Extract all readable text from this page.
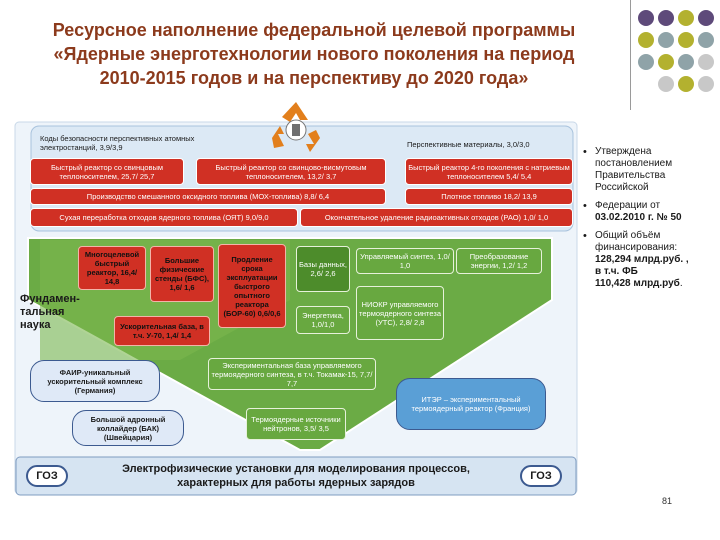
Ресурсное наполнение федеральной целевой программы
«Ядерные энерготехнологии нового поколения на период
2010-2015 годов и на перспективу до 2020 года»
Коды безопасности перспективных атомных электростанций, 3,9/3,9	Перспективные материалы, 3,0/3,0
Быстрый реактор со свинцовым теплоносителем, 25,7/ 25,7
Быстрый реактор со свинцово-висмутовым теплоносителем, 13,2/ 3,7
Быстрый реактор 4-го поколения с натриевым теплоносителем 5,4/ 5,4
Производство смешанного оксидного топлива (МОХ-топлива) 8,8/ 6,4	Плотное топливо 18,2/ 13,9
Сухая переработка отходов ядерного топлива (ОЯТ) 9,0/9,0	Окончательное удаление радиоактивных отходов (РАО) 1,0/ 1,0
Фундамен-тальная наука
Многоцелевой быстрый реактор, 16,4/ 14,8
Большие физические стенды (БФС), 1,6/ 1,6
Продление срока эксплуатации быстрого опытного реактора (БОР-60) 0,6/0,6
Базы данных, 2,6/ 2,6
Управляемый синтез, 1,0/ 1,0
Преобразование энергии, 1,2/ 1,2
Энергетика, 1,0/1,0
НИОКР управляемого термоядерного синтеза (УТС), 2,8/ 2,8
Ускорительная база, в т.ч. У-70, 1,4/ 1,4
ФАИР-уникальный ускорительный комплекс (Германия)
Экспериментальная база управляемого термоядерного синтеза, в т.ч. Токамак-15, 7,7/ 7,7
ИТЭР – экспериментальный термоядерный реактор (Франция)
Большой адронный коллайдер (БАК) (Швейцария)
Термоядерные источники нейтронов, 3,5/ 3,5
ГОЗ	ГОЗ
Электрофизические установки для моделирования процессов,
характерных для работы ядерных зарядов
• Утверждена постановлением Правительства Российской
• Федерации от
03.02.2010 г. № 50
• Общий объём финансирования:
128,294 млрд.руб. ,
в т.ч. ФБ
110,428 млрд.руб.
81
